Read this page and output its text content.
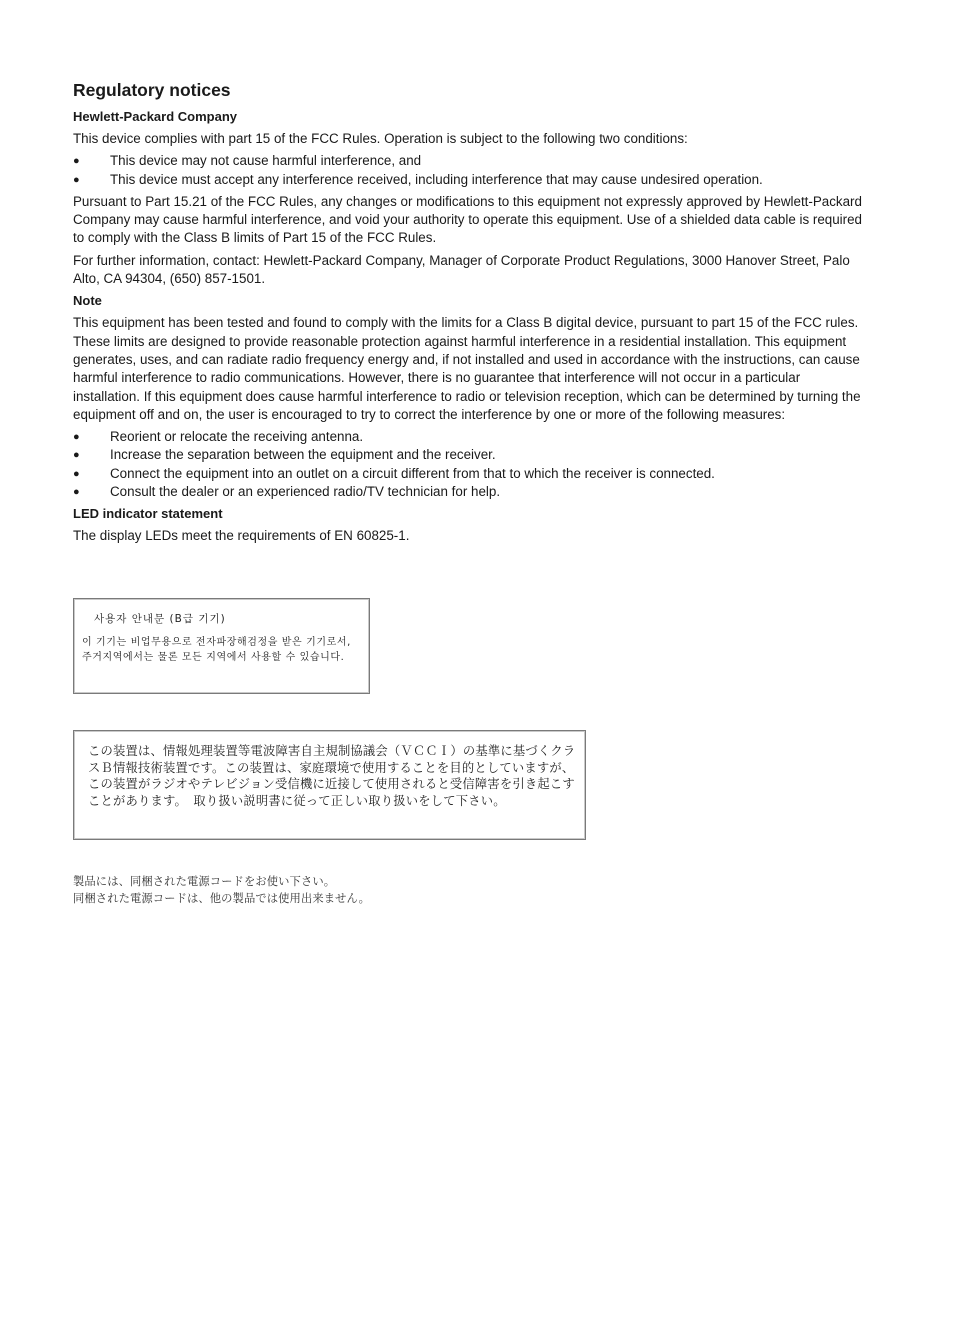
Regulatory notices
Hewlett-Packard Company
This device complies with part 15 of the FCC Rules. Operation is subject to the following two conditions:
● This device may not cause harmful interference, and
● This device must accept any interference received, including interference that may cause undesired operation.
Pursuant to Part 15.21 of the FCC Rules, any changes or modifications to this equipment not expressly approved by Hewlett-Packard Company may cause harmful interference, and void your authority to operate this equipment. Use of a shielded data cable is required to comply with the Class B limits of Part 15 of the FCC Rules.
For further information, contact: Hewlett-Packard Company, Manager of Corporate Product Regulations, 3000 Hanover Street, Palo Alto, CA 94304, (650) 857-1501.
Note
This equipment has been tested and found to comply with the limits for a Class B digital device, pursuant to part 15 of the FCC rules. These limits are designed to provide reasonable protection against harmful interference in a residential installation. This equipment generates, uses, and can radiate radio frequency energy and, if not installed and used in accordance with the instructions, can cause harmful interference to radio communications. However, there is no guarantee that interference will not occur in a particular installation. If this equipment does cause harmful interference to radio or television reception, which can be determined by turning the equipment off and on, the user is encouraged to try to correct the interference by one or more of the following measures:
● Reorient or relocate the receiving antenna.
● Increase the separation between the equipment and the receiver.
● Connect the equipment into an outlet on a circuit different from that to which the receiver is connected.
● Consult the dealer or an experienced radio/TV technician for help.
LED indicator statement
The display LEDs meet the requirements of EN 60825-1.
사용자 안내문 (B급 기기)
이 기기는 비업무용으로 전자파장해검정을 받은 기기로서, 주거지역에서는 물론 모든 지역에서 사용할 수 있습니다.
この装置は、情報処理装置等電波障害自主規制協議会（ＶＣＣＩ）の基準に基づくクラスＢ情報技術装置です。この装置は、家庭環境で使用することを目的としていますが、この装置がラジオやテレビジョン受信機に近接して使用されると受信障害を引き起こすことがあります。　取り扱い説明書に従って正しい取り扱いをして下さい。
製品には、同梱された電源コードをお使い下さい。
同梱された電源コードは、他の製品では使用出来ません。
